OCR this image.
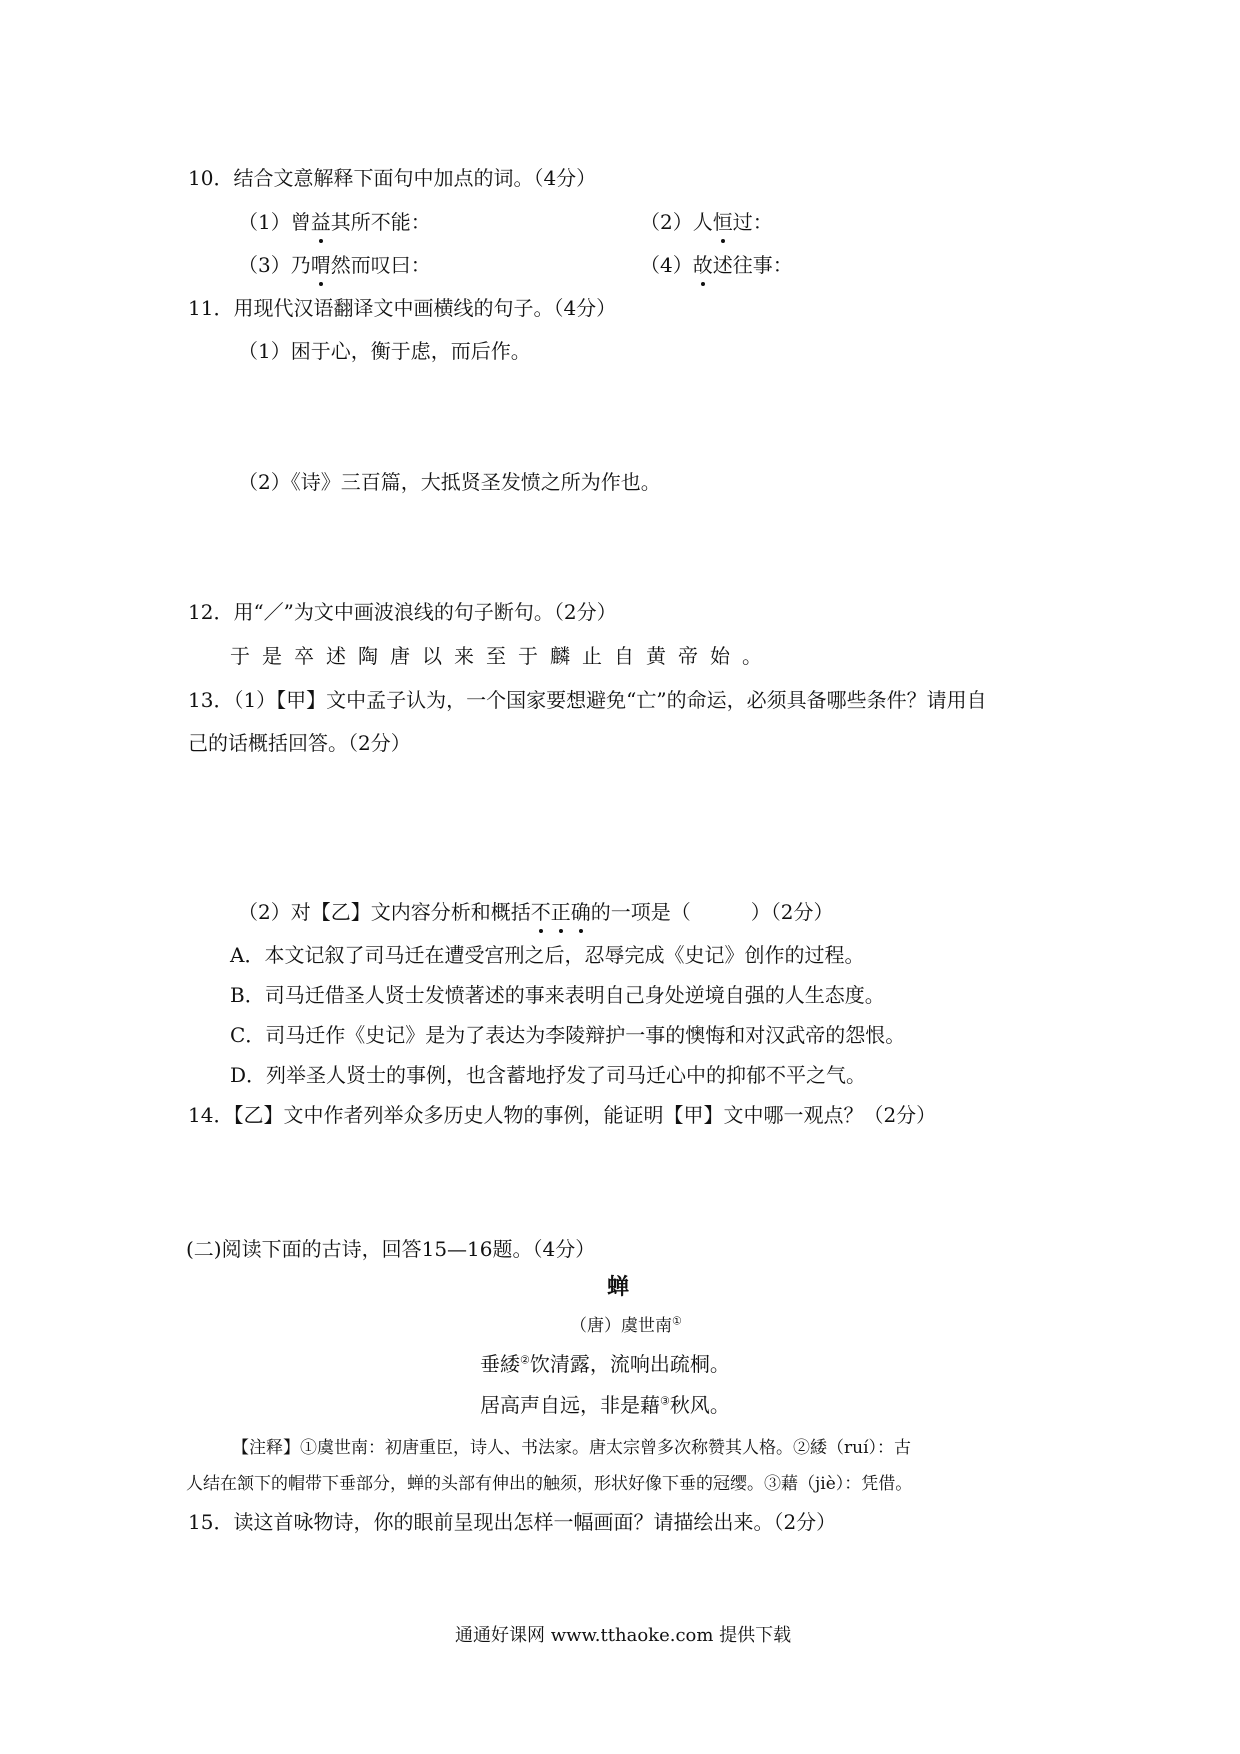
10．结合文意解释下面句中加点的词。（4分）
（1）曾益其所不能：	（2）人恒过：
（3）乃喟然而叹曰：	（4）故述往事：
11．用现代汉语翻译文中画横线的句子。（4分）
（1）困于心，衡于虑，而后作。
（2）《诗》三百篇，大抵贤圣发愤之所为作也。
12．用“／”为文中画波浪线的句子断句。（2分）
于是卒述陶唐以来至于麟止自黄帝始。
13．（1）【甲】文中孟子认为，一个国家要想避免“亡”的命运，必须具备哪些条件？请用自
己的话概括回答。（2分）
（2）对【乙】文内容分析和概括不正确的一项是（　　　）（2分）
A．本文记叙了司马迁在遭受宫刑之后，忍辱完成《史记》创作的过程。
B．司马迁借圣人贤士发愤著述的事来表明自己身处逆境自强的人生态度。
C．司马迁作《史记》是为了表达为李陵辩护一事的懊悔和对汉武帝的怨恨。
D．列举圣人贤士的事例，也含蓄地抒发了司马迁心中的抑郁不平之气。
14．【乙】文中作者列举众多历史人物的事例，能证明【甲】文中哪一观点？（2分）
(二)阅读下面的古诗，回答15—16题。（4分）
蝉
（唐）虞世南①
垂緌②饮清露，流响出疏桐。
居高声自远，非是藉③秋风。
【注释】①虞世南：初唐重臣，诗人、书法家。唐太宗曾多次称赞其人格。②緌（ruí）：古
人结在颔下的帽带下垂部分，蝉的头部有伸出的触须，形状好像下垂的冠缨。③藉（jiè）：凭借。
15．读这首咏物诗，你的眼前呈现出怎样一幅画面？请描绘出来。（2分）
通通好课网 www.tthaoke.com 提供下载
